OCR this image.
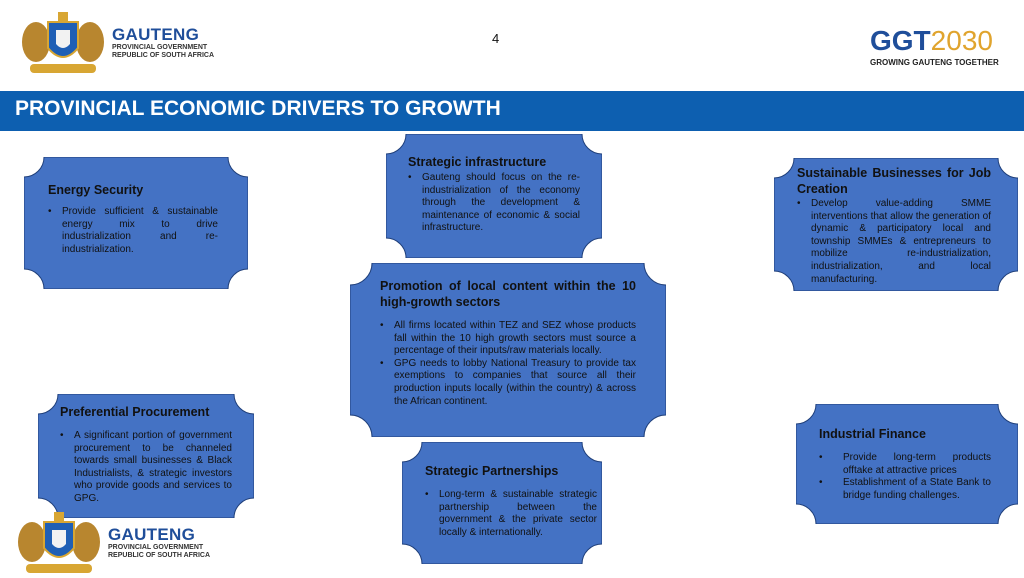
GAUTENG
PROVINCIAL GOVERNMENT
REPUBLIC OF SOUTH AFRICA
4	GGT2030
GROWING GAUTENG TOGETHER
PROVINCIAL ECONOMIC DRIVERS TO GROWTH
Energy Security
• Provide sufficient & sustainable energy mix to drive industrialization and re-industrialization.
Strategic infrastructure
• Gauteng should focus on the re-industrialization of the economy through the development & maintenance of economic & social infrastructure.
Sustainable Businesses for Job Creation
• Develop value-adding SMME interventions that allow the generation of dynamic & participatory local and township SMMEs & entrepreneurs to mobilize re-industrialization, industrialization, and local manufacturing.
Promotion of local content within the 10 high-growth sectors
• All firms located within TEZ and SEZ whose products fall within the 10 high growth sectors must source a percentage of their inputs/raw materials locally.
• GPG needs to lobby National Treasury to provide tax exemptions to companies that source all their production inputs locally (within the country) & across the African continent.
Preferential Procurement
• A significant portion of government procurement to be channeled towards small businesses & Black Industrialists, & strategic investors who provide goods and services to GPG.
Strategic Partnerships
• Long-term & sustainable strategic partnership between the government & the private sector locally & internationally.
Industrial Finance
• Provide long-term products offtake at attractive prices
• Establishment of a State Bank to bridge funding challenges.
GAUTENG
PROVINCIAL GOVERNMENT
REPUBLIC OF SOUTH AFRICA
